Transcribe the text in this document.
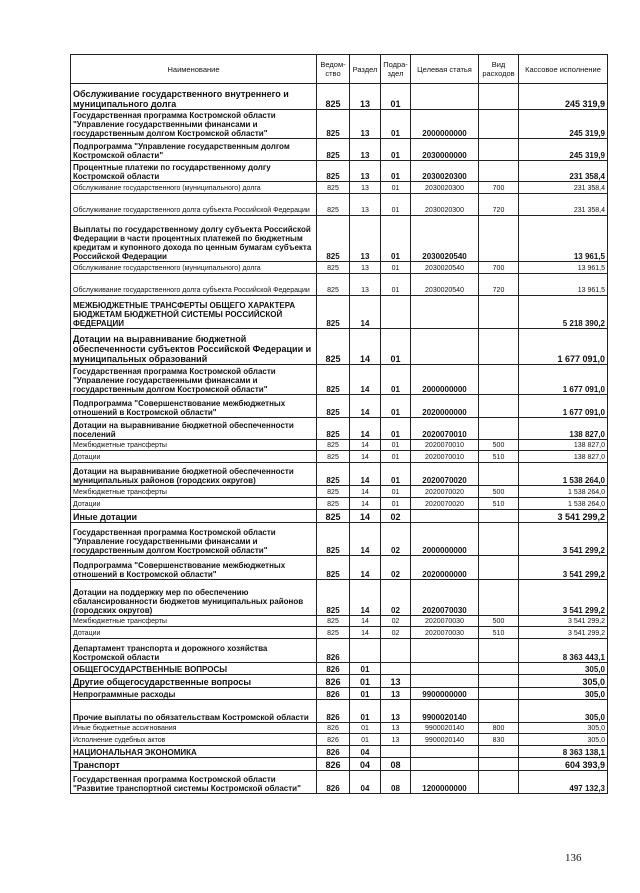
Наименование	Ведом-ство	Раздел	Подра-здел	Целевая статья	Вид расходов	Кассовое исполнение
Обслуживание государственного внутреннего и муниципального долга	825	13	01			245 319,9
Государственная программа Костромской области "Управление государственными финансами и государственным долгом Костромской области"	825	13	01	2000000000		245 319,9
Подпрограмма "Управление государственным долгом Костромской области"	825	13	01	2030000000		245 319,9
Процентные платежи по государственному долгу Костромской области	825	13	01	2030020300		231 358,4
Обслуживание государственного (муниципального) долга	825	13	01	2030020300	700	231 358,4
Обслуживание государственного долга субъекта Российской Федерации	825	13	01	2030020300	720	231 358,4
Выплаты по государственному долгу субъекта Российской Федерации в части процентных платежей по бюджетным кредитам и купонного дохода по ценным бумагам субъекта Российской Федерации	825	13	01	2030020540		13 961,5
Обслуживание государственного (муниципального) долга	825	13	01	2030020540	700	13 961,5
Обслуживание государственного долга субъекта Российской Федерации	825	13	01	2030020540	720	13 961,5
МЕЖБЮДЖЕТНЫЕ ТРАНСФЕРТЫ ОБЩЕГО ХАРАКТЕРА БЮДЖЕТАМ БЮДЖЕТНОЙ СИСТЕМЫ РОССИЙСКОЙ ФЕДЕРАЦИИ	825	14				5 218 390,2
Дотации на выравнивание бюджетной обеспеченности субъектов Российской Федерации и муниципальных образований	825	14	01			1 677 091,0
Государственная программа Костромской области "Управление государственными финансами и государственным долгом Костромской области"	825	14	01	2000000000		1 677 091,0
Подпрограмма "Совершенствование межбюджетных отношений в Костромской области"	825	14	01	2020000000		1 677 091,0
Дотации на выравнивание бюджетной обеспеченности поселений	825	14	01	2020070010		138 827,0
Межбюджетные трансферты	825	14	01	2020070010	500	138 827,0
Дотации	825	14	01	2020070010	510	138 827,0
Дотации на выравнивание бюджетной обеспеченности муниципальных районов (городских округов)	825	14	01	2020070020		1 538 264,0
Межбюджетные трансферты	825	14	01	2020070020	500	1 538 264,0
Дотации	825	14	01	2020070020	510	1 538 264,0
Иные дотации	825	14	02			3 541 299,2
Государственная программа Костромской области "Управление государственными финансами и государственным долгом Костромской области"	825	14	02	2000000000		3 541 299,2
Подпрограмма "Совершенствование межбюджетных отношений в Костромской области"	825	14	02	2020000000		3 541 299,2
Дотации на поддержку мер по обеспечению сбалансированности бюджетов муниципальных районов (городских округов)	825	14	02	2020070030		3 541 299,2
Межбюджетные трансферты	825	14	02	2020070030	500	3 541 299,2
Дотации	825	14	02	2020070030	510	3 541 299,2
Департамент транспорта и дорожного хозяйства Костромской области	826					8 363 443,1
ОБЩЕГОСУДАРСТВЕННЫЕ ВОПРОСЫ	826	01				305,0
Другие общегосударственные вопросы	826	01	13			305,0
Непрограммные расходы	826	01	13	9900000000		305,0
Прочие выплаты по обязательствам Костромской области	826	01	13	9900020140		305,0
Иные бюджетные ассигнования	826	01	13	9900020140	800	305,0
Исполнение судебных актов	826	01	13	9900020140	830	305,0
НАЦИОНАЛЬНАЯ ЭКОНОМИКА	826	04				8 363 138,1
Транспорт	826	04	08			604 393,9
Государственная программа Костромской области "Развитие транспортной системы Костромской области"	826	04	08	1200000000		497 132,3
136
